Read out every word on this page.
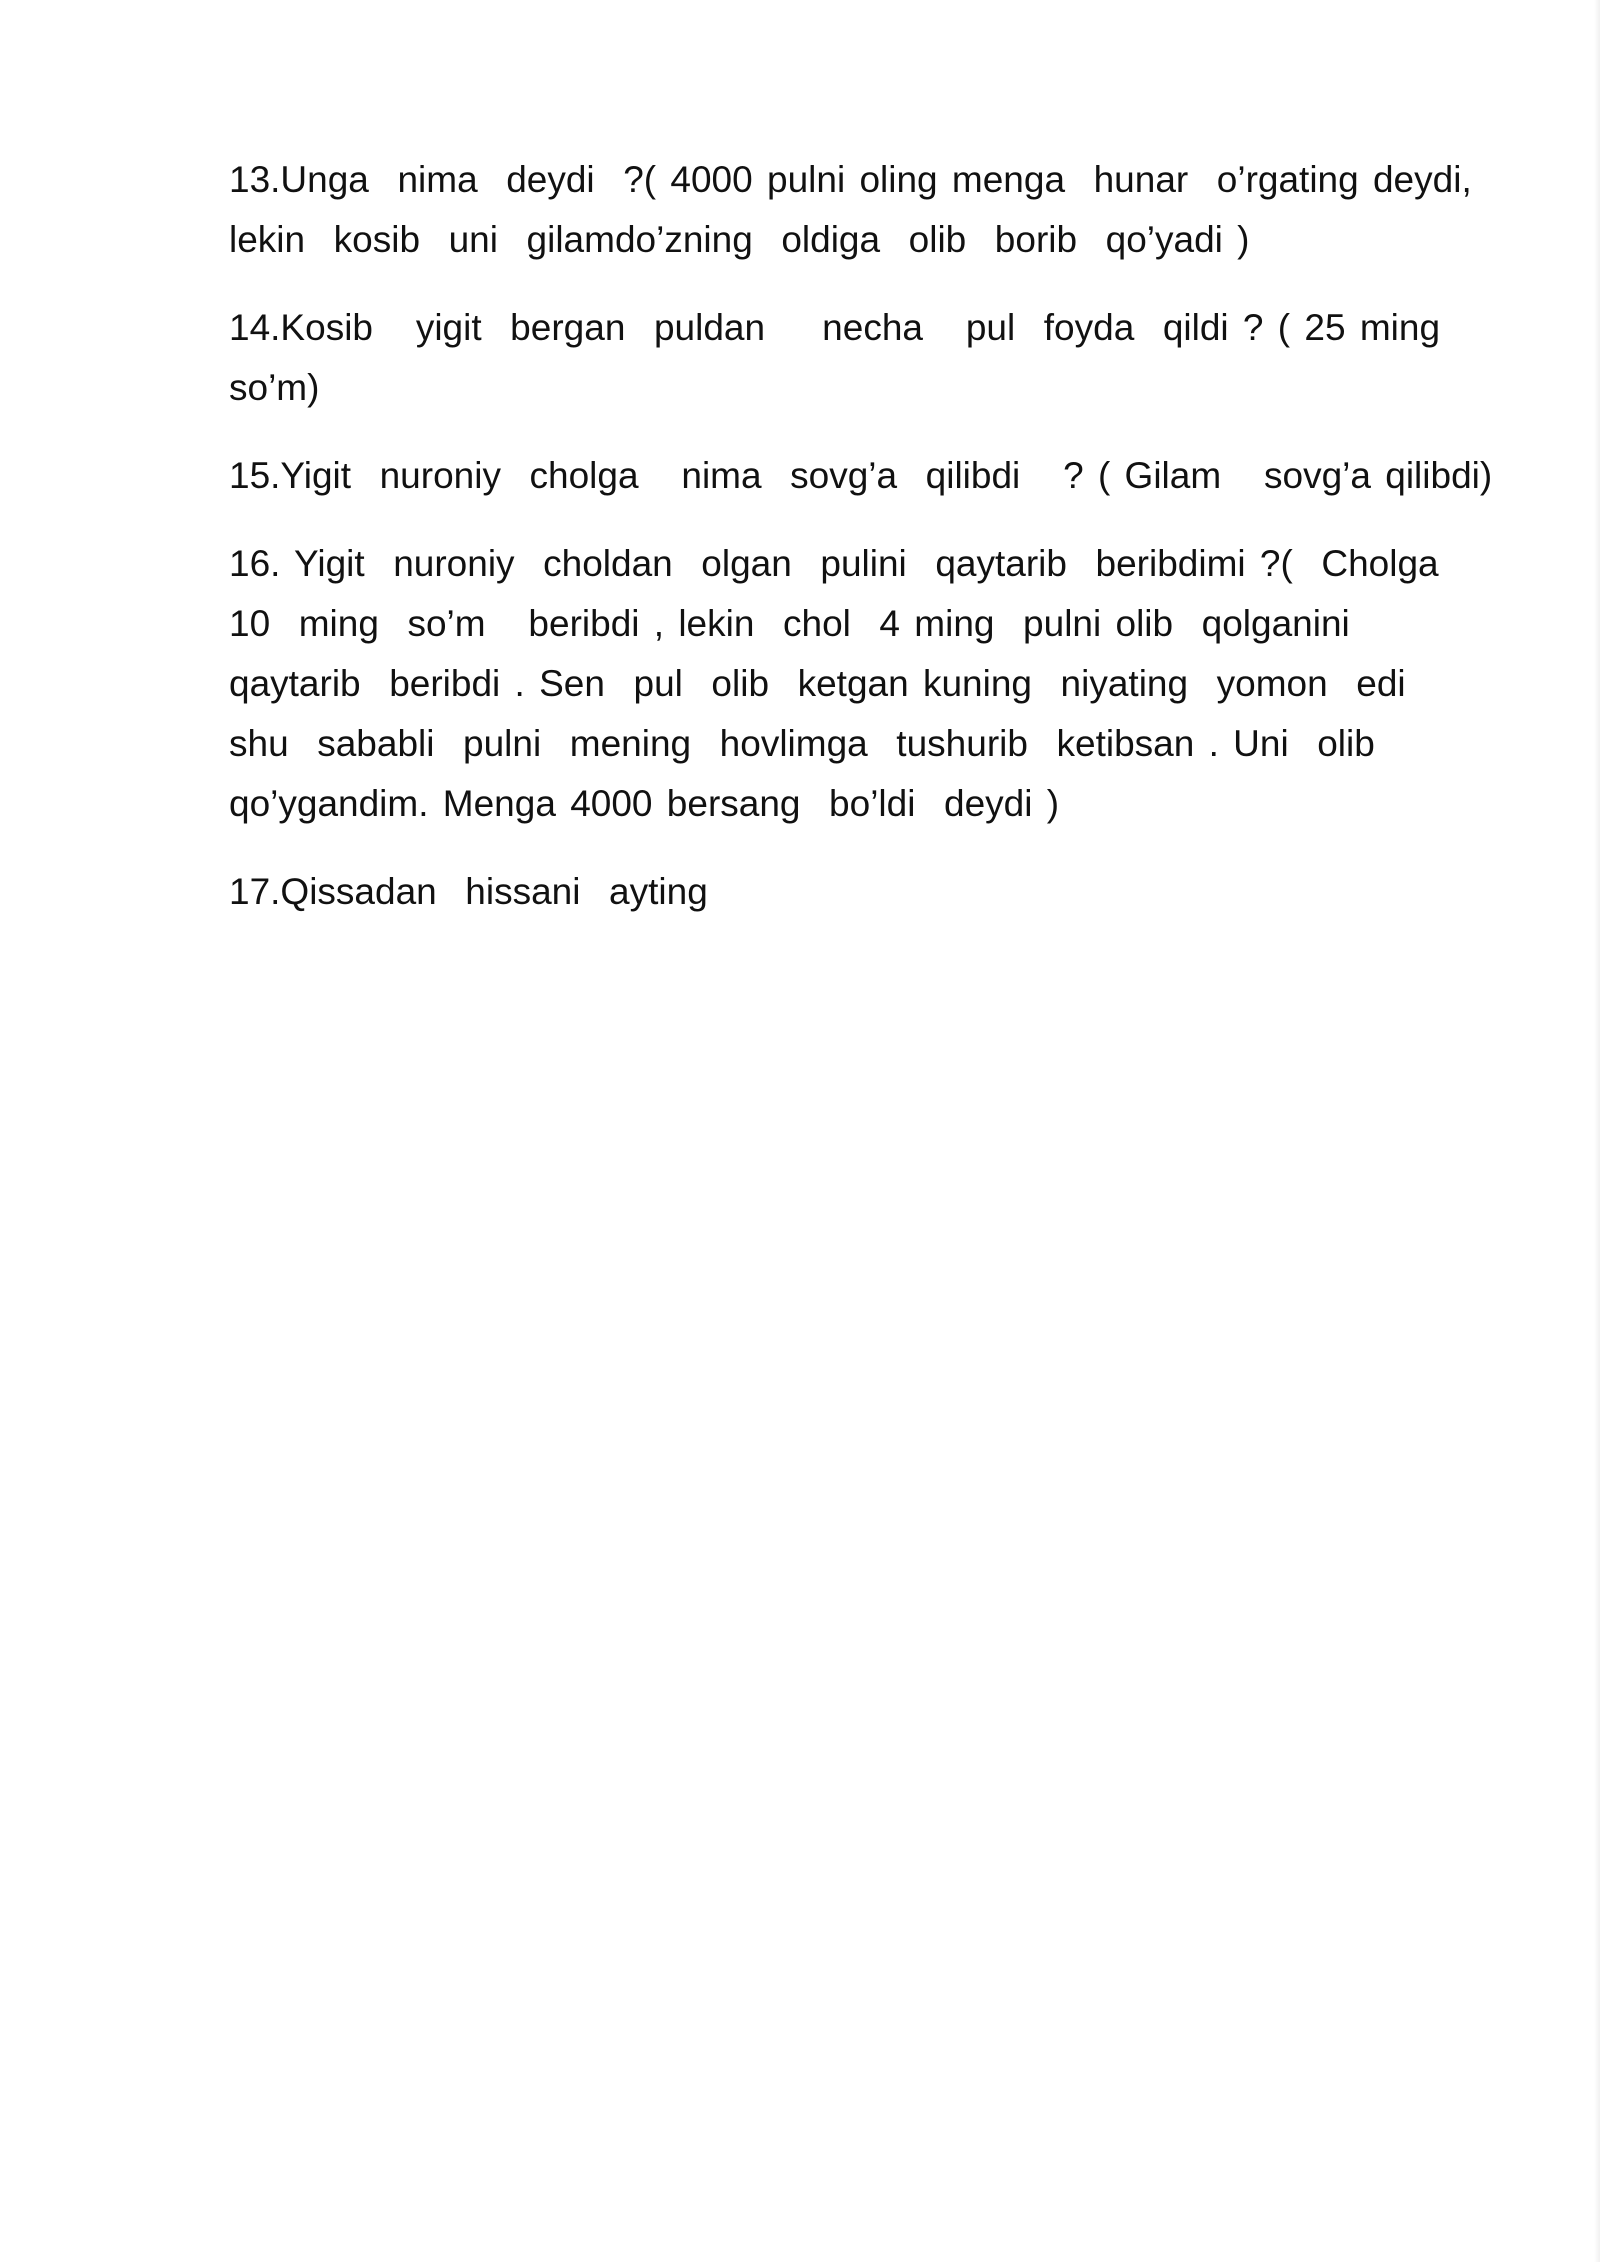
13.Unga  nima  deydi  ?( 4000 pulni oling menga  hunar  o’rgating deydi,
lekin  kosib  uni  gilamdo’zning  oldiga  olib  borib  qo’yadi )

14.Kosib   yigit  bergan  puldan    necha   pul  foyda  qildi ? ( 25 ming
so’m)

15.Yigit  nuroniy  cholga   nima  sovg’a  qilibdi   ? ( Gilam   sovg’a qilibdi)

16. Yigit  nuroniy  choldan  olgan  pulini  qaytarib  beribdimi ?(  Cholga
10  ming  so’m   beribdi , lekin  chol  4 ming  pulni olib  qolganini
qaytarib  beribdi . Sen  pul  olib  ketgan kuning  niyating  yomon  edi
shu  sababli  pulni  mening  hovlimga  tushurib  ketibsan . Uni  olib
qo’ygandim. Menga 4000 bersang  bo’ldi  deydi )

17.Qissadan  hissani  ayting
